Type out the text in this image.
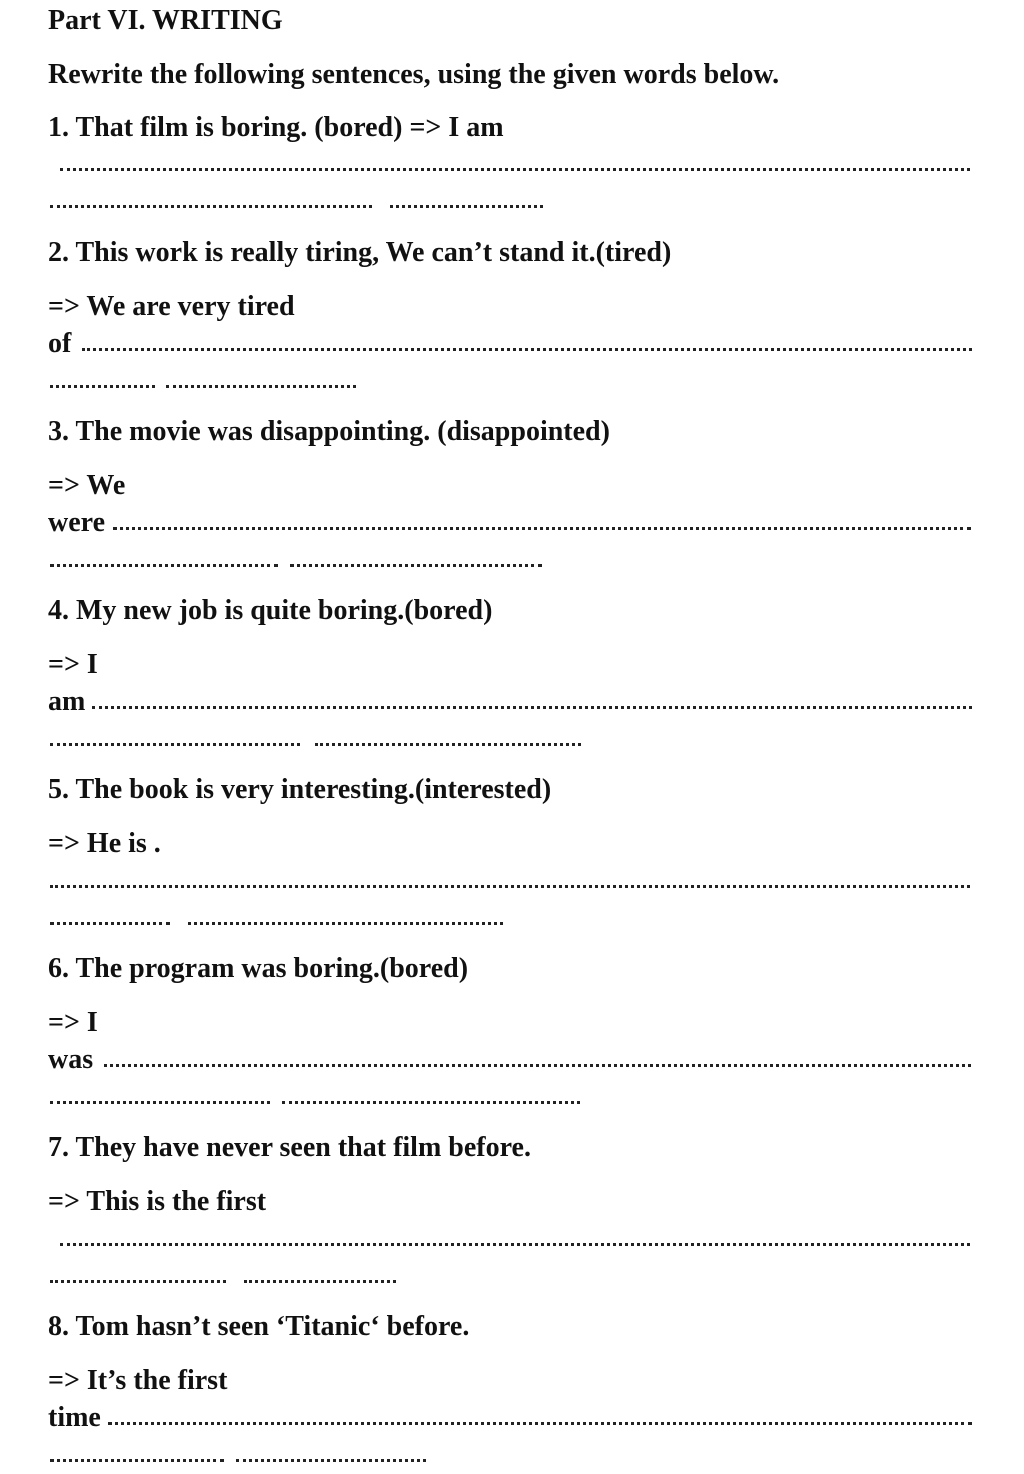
Part VI. WRITING

Rewrite the following sentences, using the given words below.

1. That film is boring. (bored) => I am

2. This work is really tiring, We can’t stand it.(tired)

=> We are very tired

of

3. The movie was disappointing. (disappointed)

=> We

were

4. My new job is quite boring.(bored)

=> I

am

5. The book is very interesting.(interested)

=> He is .

6. The program was boring.(bored)

=> I

was

7. They have never seen that film before.

=> This is the first

8. Tom hasn’t seen ‘Titanic‘ before.

=> It’s the first

time
